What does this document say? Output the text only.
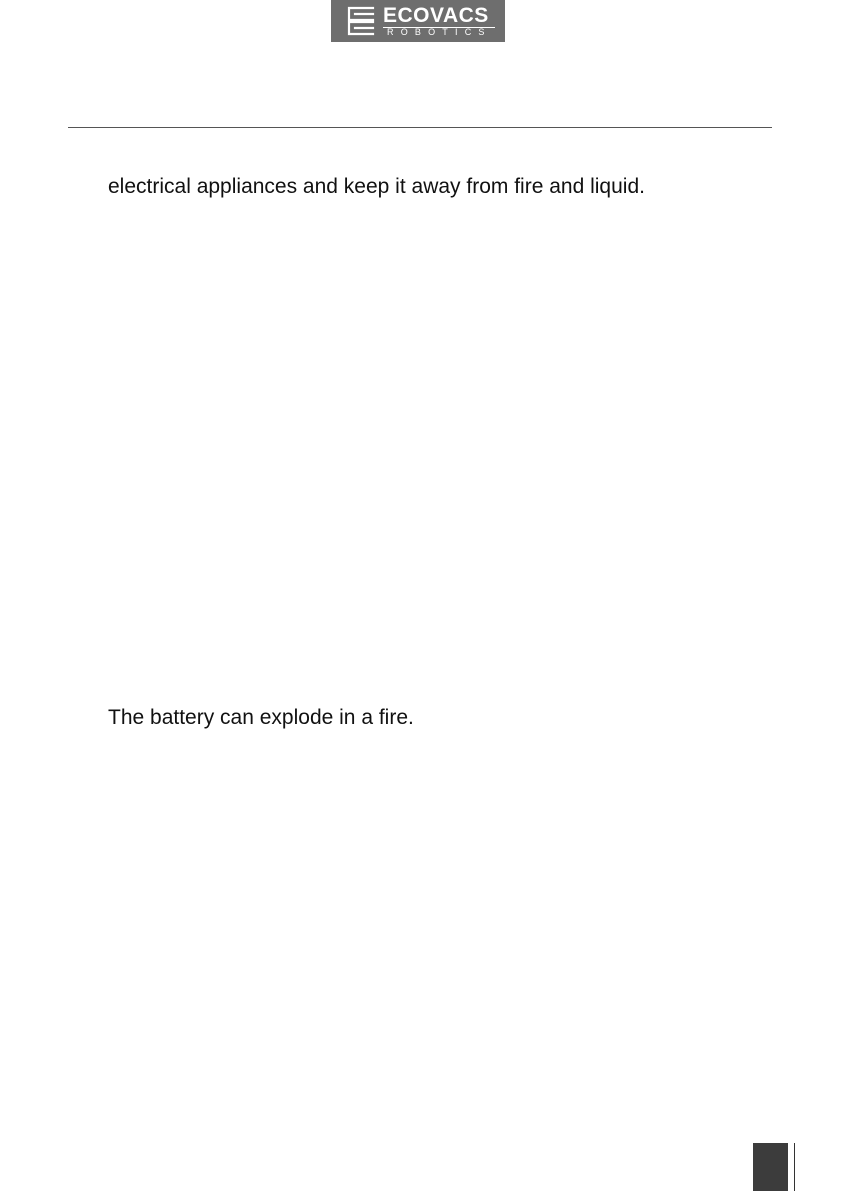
ECOVACS
ROBOTICS
electrical appliances and keep it away from fire and liquid.
The battery can explode in a fire.
